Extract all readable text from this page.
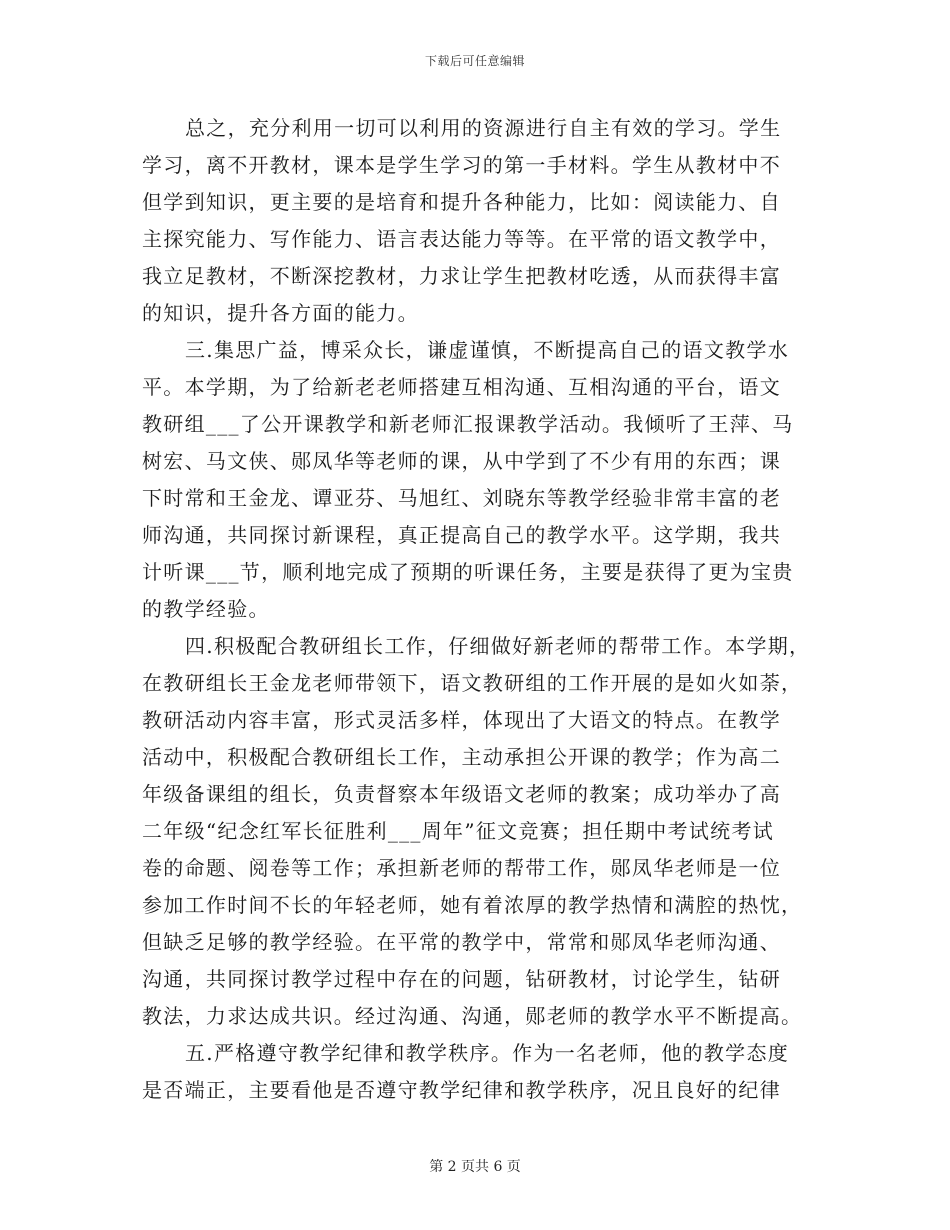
下载后可任意编辑
总之，充分利用一切可以利用的资源进行自主有效的学习。学生
学习，离不开教材，课本是学生学习的第一手材料。学生从教材中不
但学到知识，更主要的是培育和提升各种能力，比如：阅读能力、自
主探究能力、写作能力、语言表达能力等等。在平常的语文教学中，
我立足教材，不断深挖教材，力求让学生把教材吃透，从而获得丰富
的知识，提升各方面的能力。
三.集思广益，博采众长，谦虚谨慎，不断提高自己的语文教学水
平。本学期，为了给新老老师搭建互相沟通、互相沟通的平台，语文
教研组___了公开课教学和新老师汇报课教学活动。我倾听了王萍、马
树宏、马文侠、郧凤华等老师的课，从中学到了不少有用的东西；课
下时常和王金龙、谭亚芬、马旭红、刘晓东等教学经验非常丰富的老
师沟通，共同探讨新课程，真正提高自己的教学水平。这学期，我共
计听课___节，顺利地完成了预期的听课任务，主要是获得了更为宝贵
的教学经验。
四.积极配合教研组长工作，仔细做好新老师的帮带工作。本学期，
在教研组长王金龙老师带领下，语文教研组的工作开展的是如火如荼，
教研活动内容丰富，形式灵活多样，体现出了大语文的特点。在教学
活动中，积极配合教研组长工作，主动承担公开课的教学；作为高二
年级备课组的组长，负责督察本年级语文老师的教案；成功举办了高
二年级“纪念红军长征胜利___周年”征文竞赛；担任期中考试统考试
卷的命题、阅卷等工作；承担新老师的帮带工作，郧凤华老师是一位
参加工作时间不长的年轻老师，她有着浓厚的教学热情和满腔的热忱，
但缺乏足够的教学经验。在平常的教学中，常常和郧凤华老师沟通、
沟通，共同探讨教学过程中存在的问题，钻研教材，讨论学生，钻研
教法，力求达成共识。经过沟通、沟通，郧老师的教学水平不断提高。
五.严格遵守教学纪律和教学秩序。作为一名老师，他的教学态度
是否端正，主要看他是否遵守教学纪律和教学秩序，况且良好的纪律
第 2 页共 6 页
